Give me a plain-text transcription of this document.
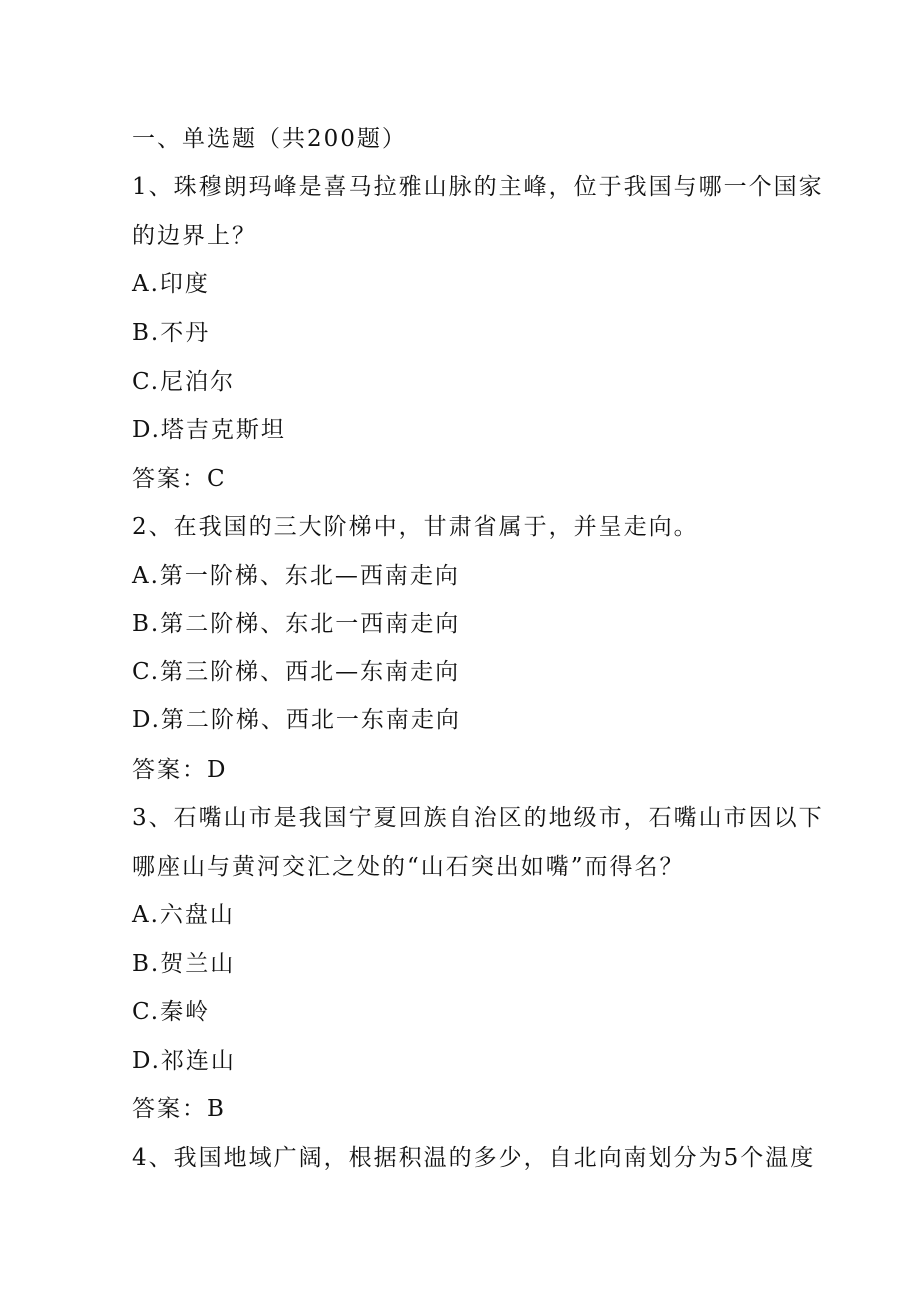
一、单选题（共200题）
1、珠穆朗玛峰是喜马拉雅山脉的主峰，位于我国与哪一个国家
的边界上？
A.印度
B.不丹
C.尼泊尔
D.塔吉克斯坦
答案：C
2、在我国的三大阶梯中，甘肃省属于，并呈走向。
A.第一阶梯、东北—西南走向
B.第二阶梯、东北一西南走向
C.第三阶梯、西北—东南走向
D.第二阶梯、西北一东南走向
答案：D
3、石嘴山市是我国宁夏回族自治区的地级市，石嘴山市因以下
哪座山与黄河交汇之处的“山石突出如嘴”而得名？
A.六盘山
B.贺兰山
C.秦岭
D.祁连山
答案：B
4、我国地域广阔，根据积温的多少，自北向南划分为5个温度
